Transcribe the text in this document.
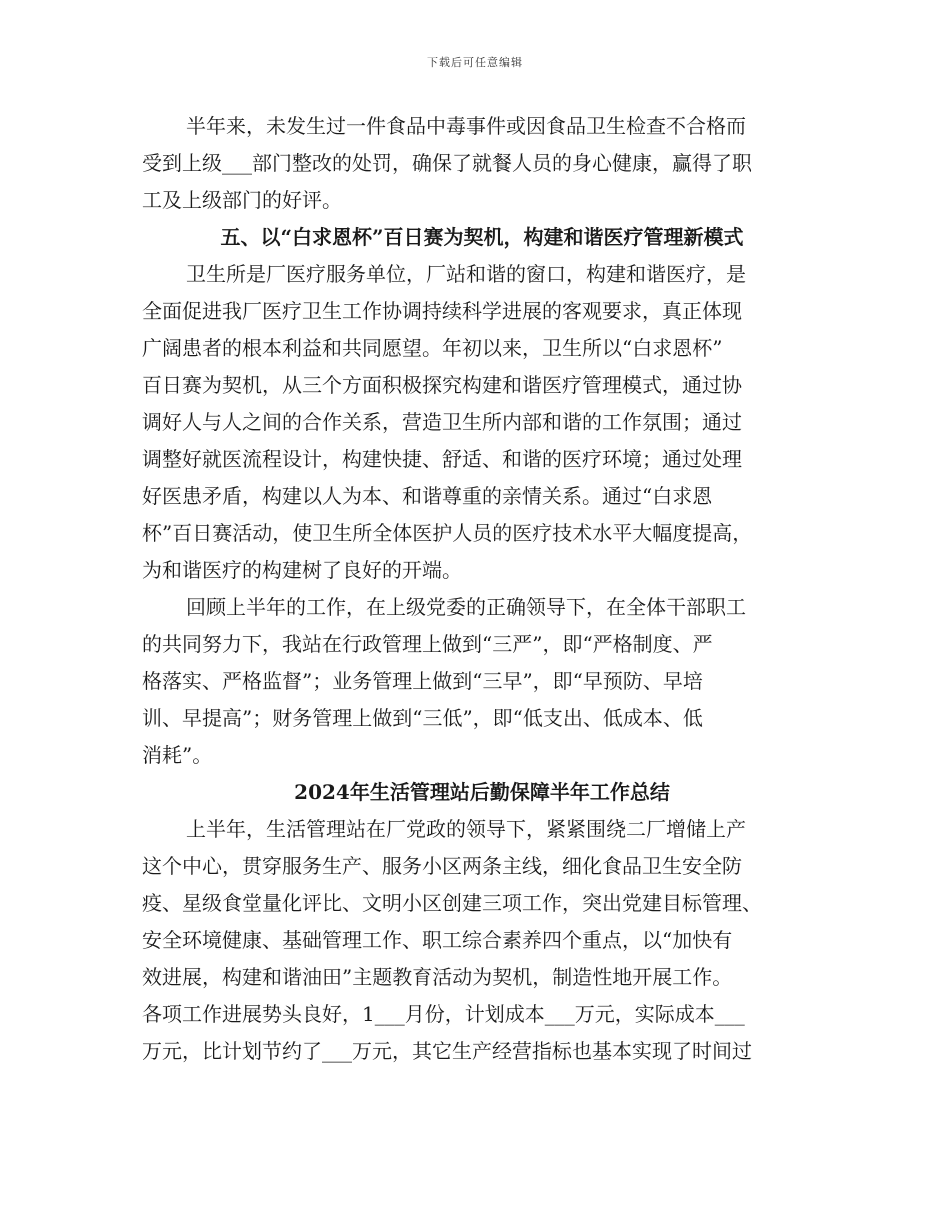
下载后可任意编辑
半年来，未发生过一件食品中毒事件或因食品卫生检查不合格而
受到上级___部门整改的处罚，确保了就餐人员的身心健康，赢得了职
工及上级部门的好评。
五、以“白求恩杯”百日赛为契机，构建和谐医疗管理新模式
卫生所是厂医疗服务单位，厂站和谐的窗口，构建和谐医疗，是
全面促进我厂医疗卫生工作协调持续科学进展的客观要求，真正体现
广阔患者的根本利益和共同愿望。年初以来，卫生所以“白求恩杯”
百日赛为契机，从三个方面积极探究构建和谐医疗管理模式，通过协
调好人与人之间的合作关系，营造卫生所内部和谐的工作氛围；通过
调整好就医流程设计，构建快捷、舒适、和谐的医疗环境；通过处理
好医患矛盾，构建以人为本、和谐尊重的亲情关系。通过“白求恩
杯”百日赛活动，使卫生所全体医护人员的医疗技术水平大幅度提高，
为和谐医疗的构建树了良好的开端。
回顾上半年的工作，在上级党委的正确领导下，在全体干部职工
的共同努力下，我站在行政管理上做到“三严”，即“严格制度、严
格落实、严格监督”；业务管理上做到“三早”，即“早预防、早培
训、早提高”；财务管理上做到“三低”，即“低支出、低成本、低
消耗”。
2024年生活管理站后勤保障半年工作总结
上半年，生活管理站在厂党政的领导下，紧紧围绕二厂增储上产
这个中心，贯穿服务生产、服务小区两条主线，细化食品卫生安全防
疫、星级食堂量化评比、文明小区创建三项工作，突出党建目标管理、
安全环境健康、基础管理工作、职工综合素养四个重点，以“加快有
效进展，构建和谐油田”主题教育活动为契机，制造性地开展工作。
各项工作进展势头良好，1___月份，计划成本___万元，实际成本___
万元，比计划节约了___万元，其它生产经营指标也基本实现了时间过
